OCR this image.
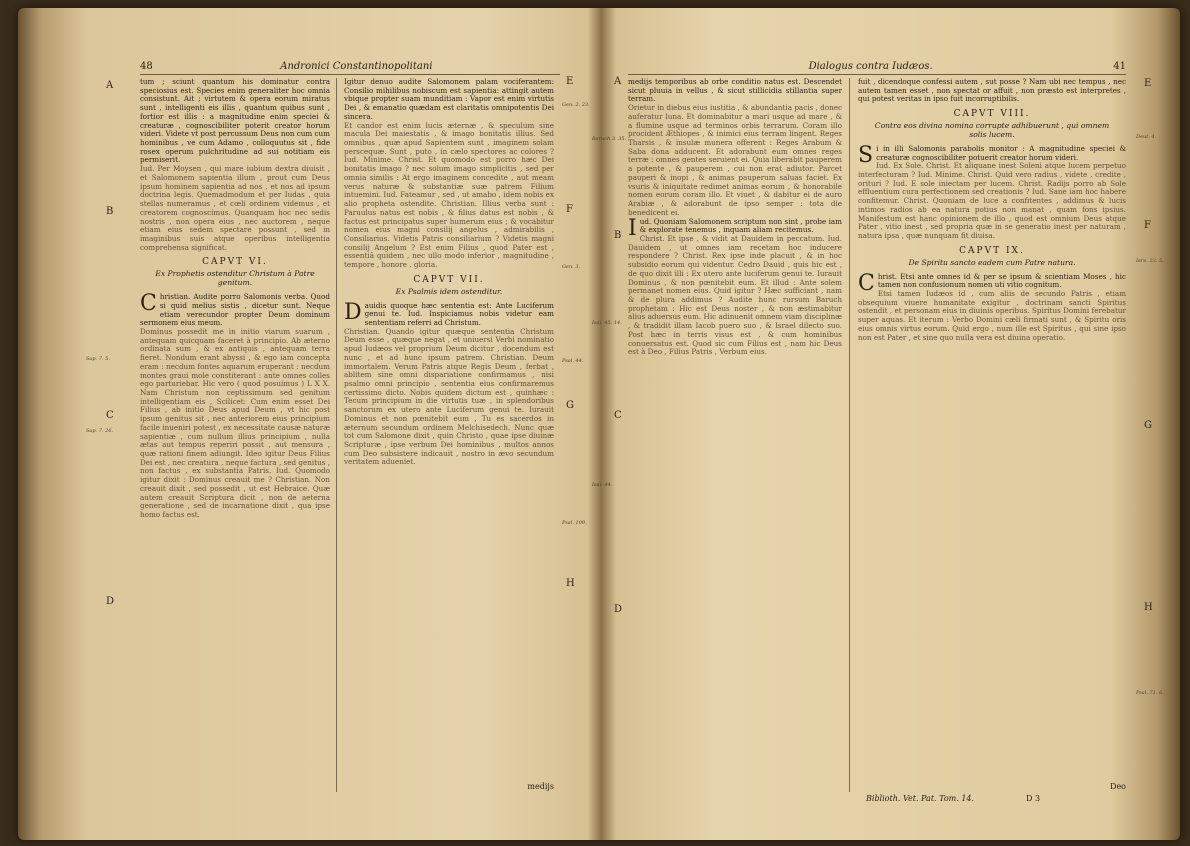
48	Andronici Constantinopolitani

tum ; sciunt quantum his dominatur contra speciosius est. Species enim generaliter hoc omnia consistunt. Ait ; virtutem & opera eorum miratus sunt , intelligenti eis illis , quantum quibus sunt , fortior est illis : a magnitudine enim speciei & creaturæ , cognoscibiliter poterit creator horum videri. Videte vt post percussum Deus non cum cum hominibus , ve cum Adamo , colloquutus sit , fide rosex operum pulchritudine ad sui notitiam eis permiserit.

Iud. Per Moysen , qui mare iubium dextra diuisit , et Salomonem sapientia illum , prout cum Deus ipsum hominem sapientia ad nos , et nos ad ipsum doctrina legis. Quemadmodum et per Iudas , quia stellas numeramus , et cœli ordinem videmus , et creatorem cognoscimus. Quanquam hoc nec sedis nostris , non opera eius , nec auctorem , neque etiam eius sedem spectare possunt , sed in imaginibus suis atque operibus intelligentia comprehensa significat.

CAPVT VI.
Ex Prophetis ostenditur Christum à Patre genitum.

Christian. Audite porro Salomonis verba. Quod si quid melius sistis , dicetur sunt. Neque etiam verecundor propter Deum dominum sermonem eius meum.

Dominus possedit me in initio viarum suarum , antequam quicquam faceret à principio. Ab æterno ordinata sum , & ex antiquis , antequam terra fieret. Nondum erant abyssi , & ego iam concepta eram : necdum fontes aquarum eruperant : necdum montes graui mole constiterant : ante omnes colles ego parturiebar. Hic vero ( quod posuimus ) L X X. Nam Christum non ceptissimum sed genitum intelligentiam eis , Scilicet: Cum enim esset Dei Filius , ab initio Deus apud Deum , vt hic post ipsum genitus sit , nec anteriorem eius principium facile inueniri potest , ex necessitate causæ naturæ sapientiæ , cum nullum illius principium , nulla ætas aut tempus reperiri possit , aut mensura , quæ rationi finem adiungit. Ideo igitur Deus Filius Dei est , nec creatura , neque factura , sed genitus , non factus , ex substantia Patris. Iud. Quomodo igitur dixit : Dominus creauit me ? Christian. Non creauit dixit , sed possedit , ut est Hebraice. Quæ autem creauit Scriptura dicit , non de aeterna generatione , sed de incarnatione dixit , qua ipse homo factus est.

Igitur denuo audite Salomonem palam vociferantem: Consilio mihilibus nobiscum est sapientia: attingit autem vbique propter suam munditiam : Vapor est enim virtutis Dei , & emanatio quædam est claritatis omnipotentis Dei sincera.

Et candor est enim lucis æternæ , & speculum sine macula Dei maiestatis , & imago bonitatis illius. Sed omnibus , quæ apud Sapientem sunt , imaginem solam perscequæ. Sunt , puto , in cælo spectores ac colores ? Iud. Minime. Christ. Et quomodo est porro hæc Dei bonitatis imago ? nec solum imago simplicitis , sed per omnia similis : At ergo imaginem concedite , aut meam verus naturæ & substantiæ suæ patrem Filium intuemini. Iud. Fateamur , sed , ut amabo , idem nobis ex alio propheta ostendite. Christian. Illius verba sunt : Paruulus natus est nobis , & filius datus est nobis , & factus est principatus super humerum eius ; & vocabitur nomen eius magni consilij angelus , admirabilis , Consiliarius. Videtis Patris consiliarium ? Videtis magni consilij Angelum ? Est enim Filius , quod Pater est , essentiâ quidem , nec ullo modo inferior , magnitudine , tempore , honore , gloria.

CAPVT VII.
Ex Psalmis idem ostenditur.

Dauidis quoque hæc sententia est: Ante Luciferum genui te. Iud. Inspiciamus nobis videtur eam sententiam referri ad Christum.

Christian. Quando igitur quæque sententia Christum Deum esse , quæque negat , et uniuersi Verbi nominatio apud Iudæos vel proprium Deum dicitur , docendum est nunc , et ad hunc ipsum patrem. Christian. Deum immortalem. Verum Patris atque Regis Deum , ferbat , ablitem sine omni dispariatione confirmamus , nisi psalmo omni principio , sententia eius confirmaremus certissimo dicto. Nobis quidem dictum est , quinhæc : Tecum principium in die virtutis tuæ , in splendoribus sanctorum ex utero ante Luciferum genui te. Iurauit Dominus et non pœnitebit eum , Tu es sacerdos in æternum secundum ordinem Melchisedech. Nunc quæ tot cum Salomone dixit , quin Christo , quae ipse diuinæ Scripturæ , ipse verbum Dei hominibus , multos annos cum Deo subsistere indicauit , nostro in ævo secundum veritatem adueniet.

medijs
A
B
C
D
E
F
G
H
Sap. 7. 5.
Sap. 7. 26.
Gen. 2. 23.
Gen. 3.
Psal. 44.
Psal. 109.
Dialogus contra Iudæos.	41

medijs temporibus ab orbe conditio natus est. Descendet sicut pluuia in vellus , & sicut stillicidia stillantia super terram.

Orietur in diebus eius iustitia , & abundantia pacis , donec auferatur luna. Et dominabitur a mari usque ad mare , & a flumine usque ad terminos orbis terrarum. Coram illo procident Æthiopes , & inimici eius terram lingent. Reges Tharsis , & insulæ munera offerent : Reges Arabum & Saba dona adducent. Et adorabunt eum omnes reges terræ : omnes gentes seruient ei. Quia liberabit pauperem a potente , & pauperem , cui non erat adiutor. Parcet pauperi & inopi , & animas pauperum saluas faciet. Ex vsuris & iniquitate redimet animas eorum , & honorabile nomen eorum coram illo. Et viuet , & dabitur ei de auro Arabiæ , & adorabunt de ipso semper : tota die benedicent ei.

Iud. Quoniam Salomonem scriptum non sint , probe iam & explorate tenemus , inquam aliam recitemus.

Christ. Et ipse , & vidit at Dauidem in peccatum. Iud. Dauidem , ut omnes iam recetam hoc inducere respondere ? Christ. Rex ipse inde placuit , & in hoc subsidio eorum qui videntur. Cedro Dauid , quis hic est , de quo dixit illi : Ex utero ante luciferum genui te. Iurauit Dominus , & non pœnitebit eum. Et illud : Ante solem permanet nomen eius. Quid igitur ? Hæc sufficiant , nam & de plura addimus ? Audite hunc rursum Baruch prophetam : Hic est Deus noster , & non æstimabitur alius aduersus eum. Hic adinuenit omnem viam disciplinæ , & tradidit illam Iacob puero suo , & Israel dilecto suo. Post hæc in terris visus est , & cum hominibus conuersatus est. Quod sic cum Filius est , nam hic Deus est à Deo , Filius Patris , Verbum eius.

fuit , dicendoque confessi autem , sut posse ? Nam ubi nec tempus , nec autem tamen esset , non spectat or affuit , non præsto est interpretes , qui potest veritas in ipso fuit incorruptibilis.

CAPVT VIII.
Contra eos divina nomina corrupte adhibuerunt , qui omnem solis lucem.

Si in illi Salomonis parabolis monitor : A magnitudine speciei & creaturæ cognoscibiliter potuerit creator horum videri.

Iud. Ex Sole. Christ. Et aliquane inest Soleni atque lucem perpetuo interfecturam ? Iud. Minime. Christ. Quid vero radius , videte , credite , orituri ? Iud. E sole iniectam per lucem. Christ. Radijs porro ab Sole effluentium cura perfectionem sed creationis ? Iud. Sane iam hoc habere confitemur. Christ. Quoniam de luce a confitentes , addimus & lucis intimos radios ab ea natura potius non manat , quam fons ipsius. Manifestum est hanc opinionem de illo , quod est omnium Deus atque Pater , vitio inest , sed propria quæ in se generatio inest per naturam , natura ipsa , quæ nunquam fit diuisa.

CAPVT IX.
De Spiritu sancto eadem cum Patre natura.

Christ. Etsi ante omnes id & per se ipsum & scientiam Moses , hic tamen non confusionum nomen uti vitio cognitum.

Etsi tamen Iudæos id , cum aliis de secundo Patris , etiam obsequium viuere humanitate exigitur , doctrinam sancti Spiritus ostendit , et personam eius in diuinis operibus. Spiritus Domini ferebatur super aquas. Et iterum : Verbo Domini cæli firmati sunt , & Spiritu oris eius omnis virtus eorum. Quid ergo , num ille est Spiritus , qui sine ipso non est Pater , et sine quo nulla vera est diuina operatio.

Deo
Biblioth. Vet. Pat. Tom. 14.	D 3
A
B
C
D
E
F
G
H
Baruch 3. 35.
Isai. 45. 14.
Isai. 44.
Deut. 4.
Iere. 23. 5.
Psal. 71. 6.
